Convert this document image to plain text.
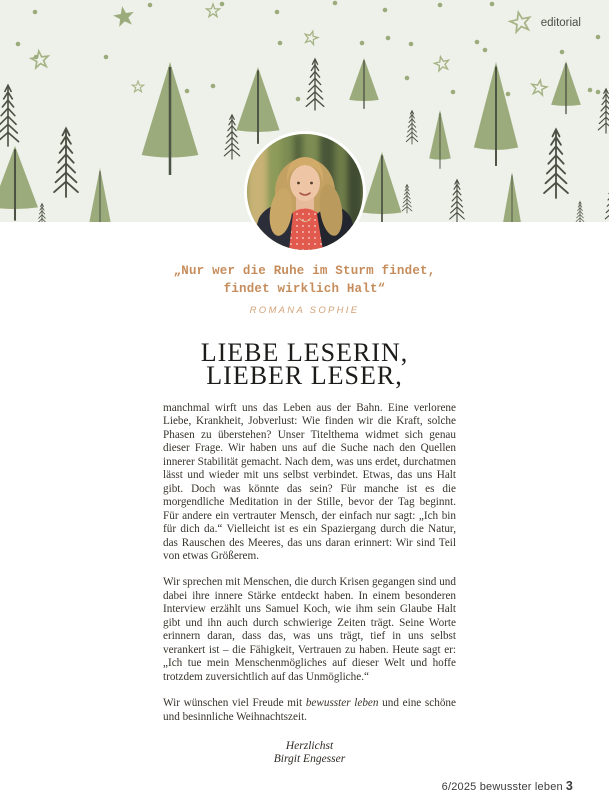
editorial
„Nur wer die Ruhe im Sturm findet,
findet wirklich Halt“
ROMANA SOPHIE
LIEBE LESERIN,
LIEBER LESER,

manchmal wirft uns das Leben aus der Bahn. Eine verlorene Liebe, Krankheit, Jobverlust: Wie finden wir die Kraft, solche Phasen zu überstehen? Unser Titelthema widmet sich genau dieser Frage. Wir haben uns auf die Suche nach den Quellen innerer Stabilität gemacht. Nach dem, was uns erdet, durchatmen lässt und wieder mit uns selbst verbindet. Etwas, das uns Halt gibt. Doch was könnte das sein? Für manche ist es die morgendliche Meditation in der Stille, bevor der Tag beginnt. Für andere ein vertrauter Mensch, der einfach nur sagt: „Ich bin für dich da.“ Vielleicht ist es ein Spaziergang durch die Natur, das Rauschen des Meeres, das uns daran erinnert: Wir sind Teil von etwas Größerem.

Wir sprechen mit Menschen, die durch Krisen gegangen sind und dabei ihre innere Stärke entdeckt haben. In einem besonderen Interview erzählt uns Samuel Koch, wie ihm sein Glaube Halt gibt und ihn auch durch schwierige Zeiten trägt. Seine Worte erinnern daran, dass das, was uns trägt, tief in uns selbst verankert ist – die Fähigkeit, Vertrauen zu haben. Heute sagt er: „Ich tue mein Menschenmögliches auf dieser Welt und hoffe trotzdem zuversichtlich auf das Unmögliche.“

Wir wünschen viel Freude mit bewusster leben und eine schöne und besinnliche Weihnachtszeit.

Herzlichst
Birgit Engesser
6/2025 bewusster leben 3
